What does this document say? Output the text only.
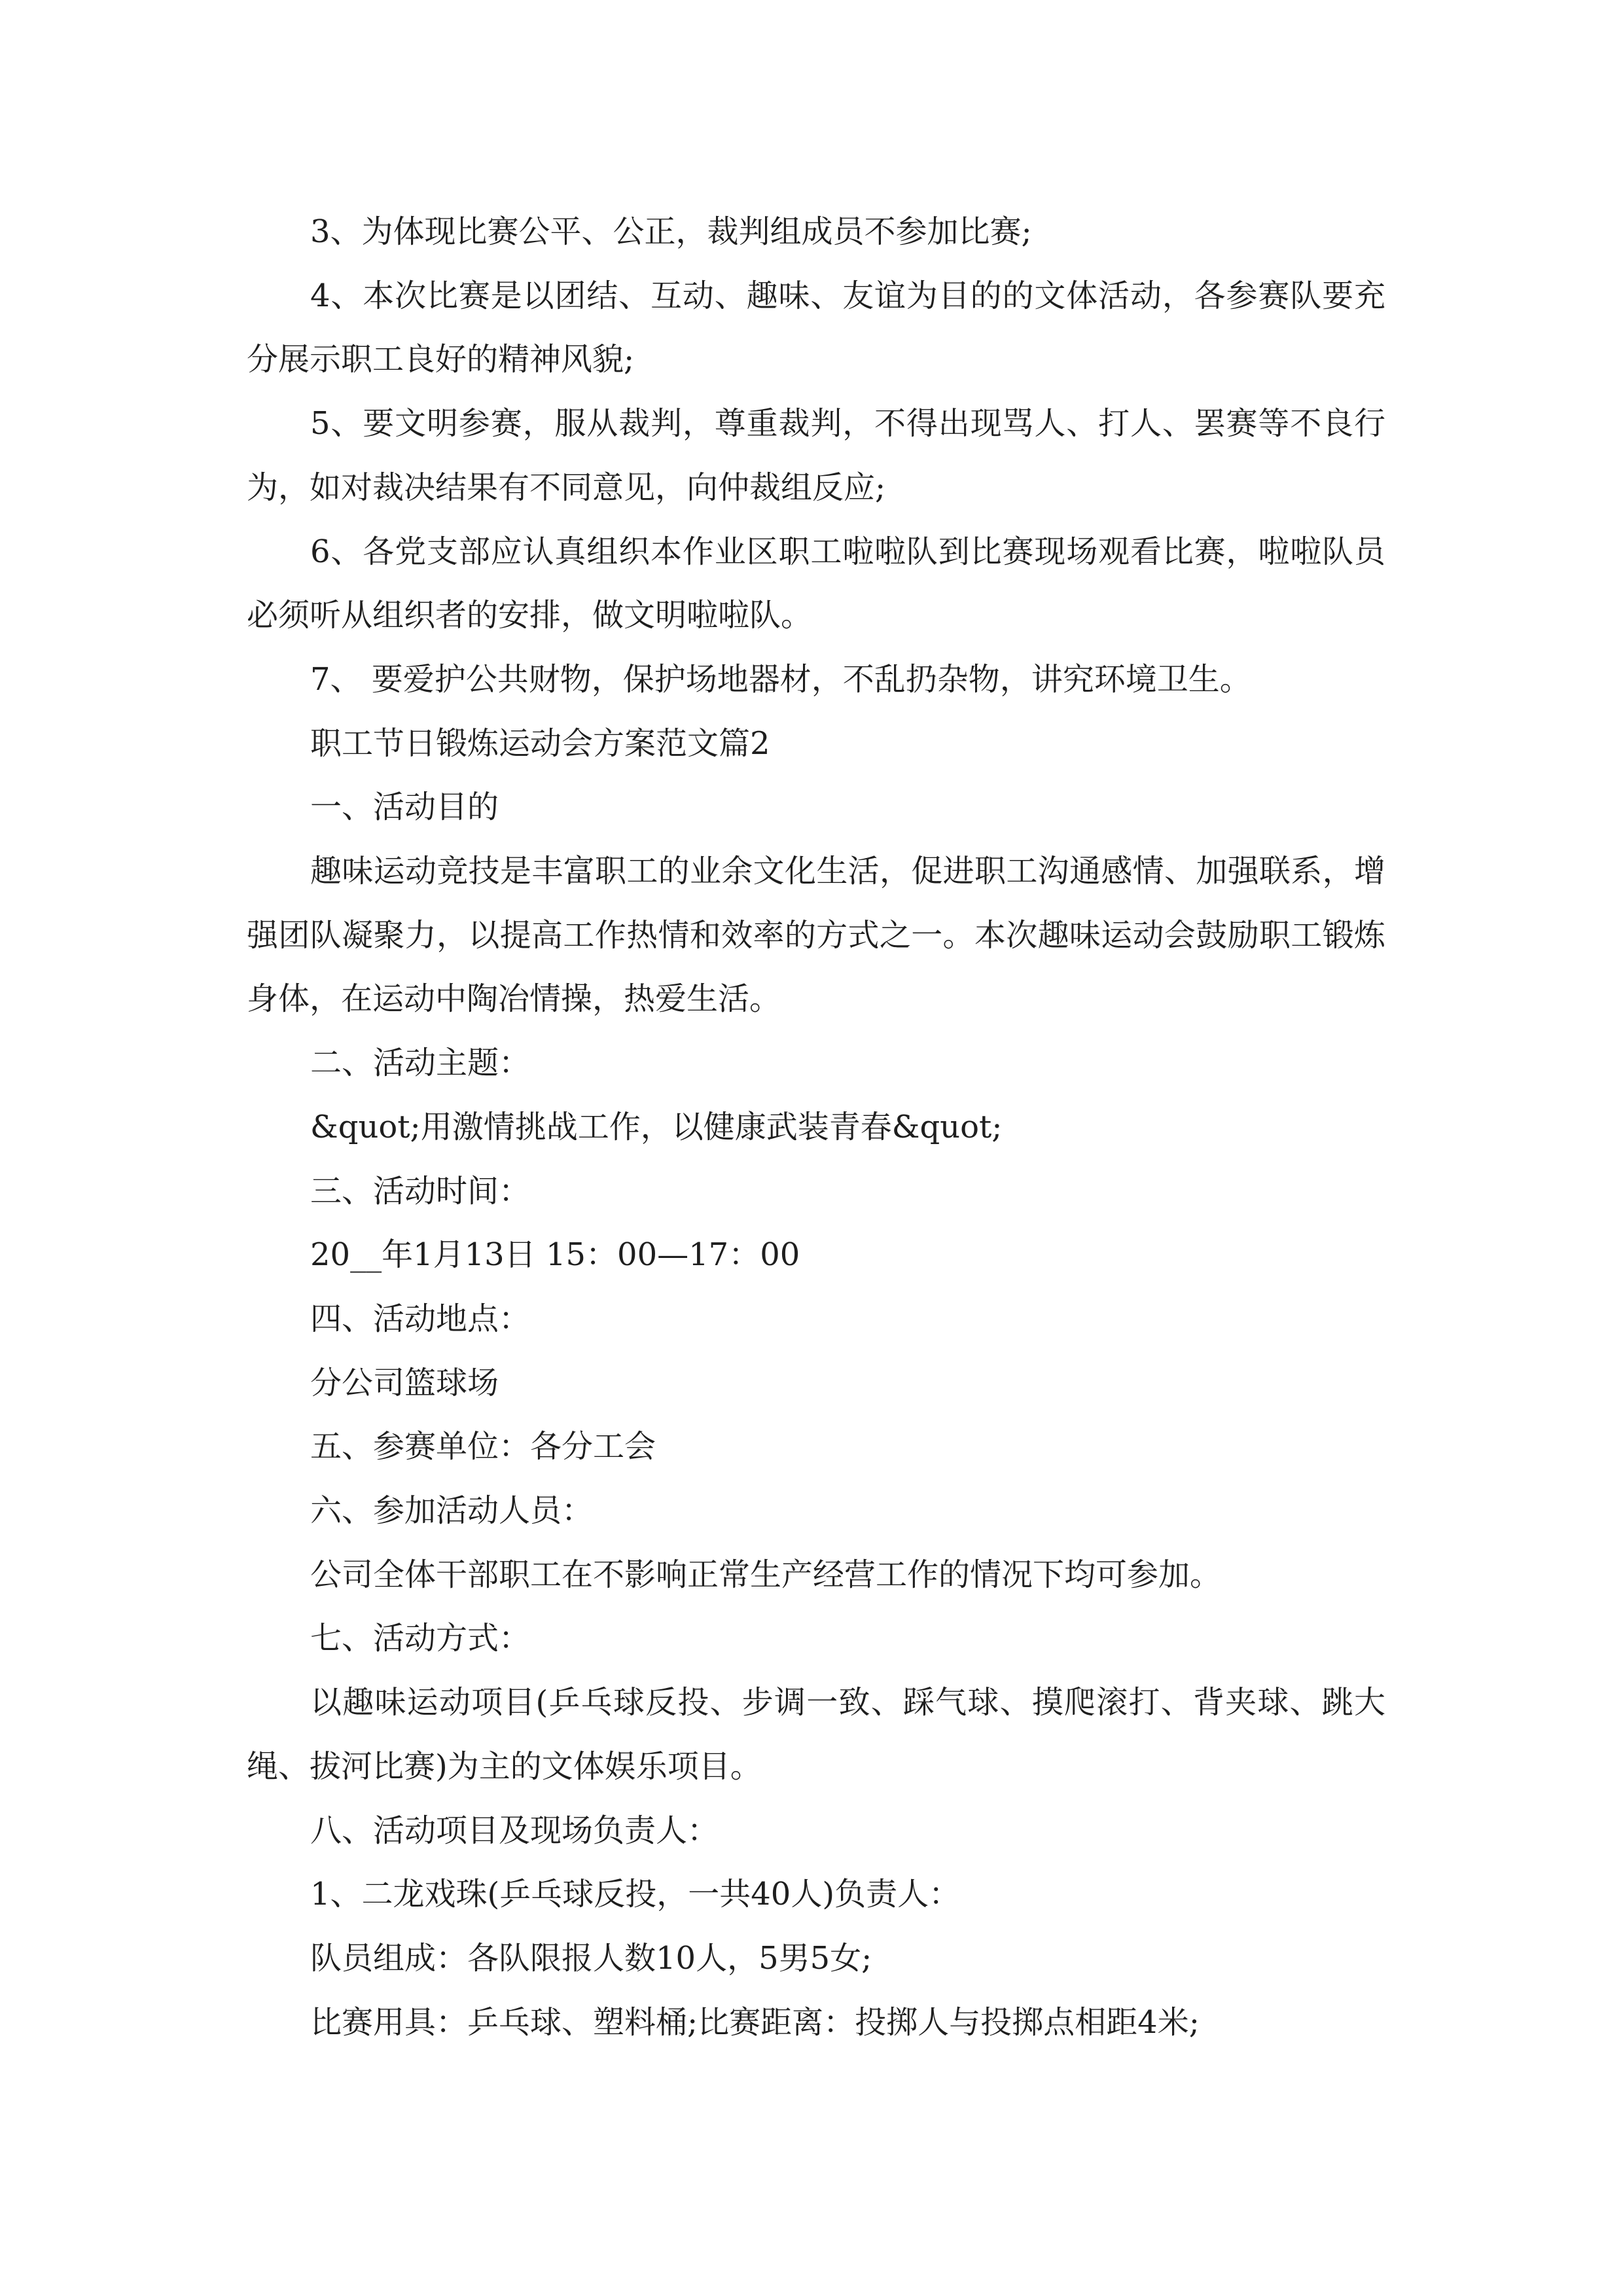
3、为体现比赛公平、公正，裁判组成员不参加比赛;

4、本次比赛是以团结、互动、趣味、友谊为目的的文体活动，各参赛队要充分展示职工良好的精神风貌;

5、要文明参赛，服从裁判，尊重裁判，不得出现骂人、打人、罢赛等不良行为，如对裁决结果有不同意见，向仲裁组反应;

6、各党支部应认真组织本作业区职工啦啦队到比赛现场观看比赛，啦啦队员必须听从组织者的安排，做文明啦啦队。

7、 要爱护公共财物，保护场地器材，不乱扔杂物，讲究环境卫生。

职工节日锻炼运动会方案范文篇2

一、活动目的

趣味运动竞技是丰富职工的业余文化生活，促进职工沟通感情、加强联系，增强团队凝聚力，以提高工作热情和效率的方式之一。本次趣味运动会鼓励职工锻炼身体，在运动中陶冶情操，热爱生活。

二、活动主题：

&quot;用激情挑战工作，以健康武装青春&quot;

三、活动时间：

20__年1月13日 15：00—17：00

四、活动地点：

分公司篮球场

五、参赛单位：各分工会

六、参加活动人员：

公司全体干部职工在不影响正常生产经营工作的情况下均可参加。

七、活动方式：

以趣味运动项目(乒乓球反投、步调一致、踩气球、摸爬滚打、背夹球、跳大绳、拔河比赛)为主的文体娱乐项目。

八、活动项目及现场负责人：

1、二龙戏珠(乒乓球反投，一共40人)负责人：

队员组成：各队限报人数10人，5男5女;

比赛用具：乒乓球、塑料桶;比赛距离：投掷人与投掷点相距4米;
